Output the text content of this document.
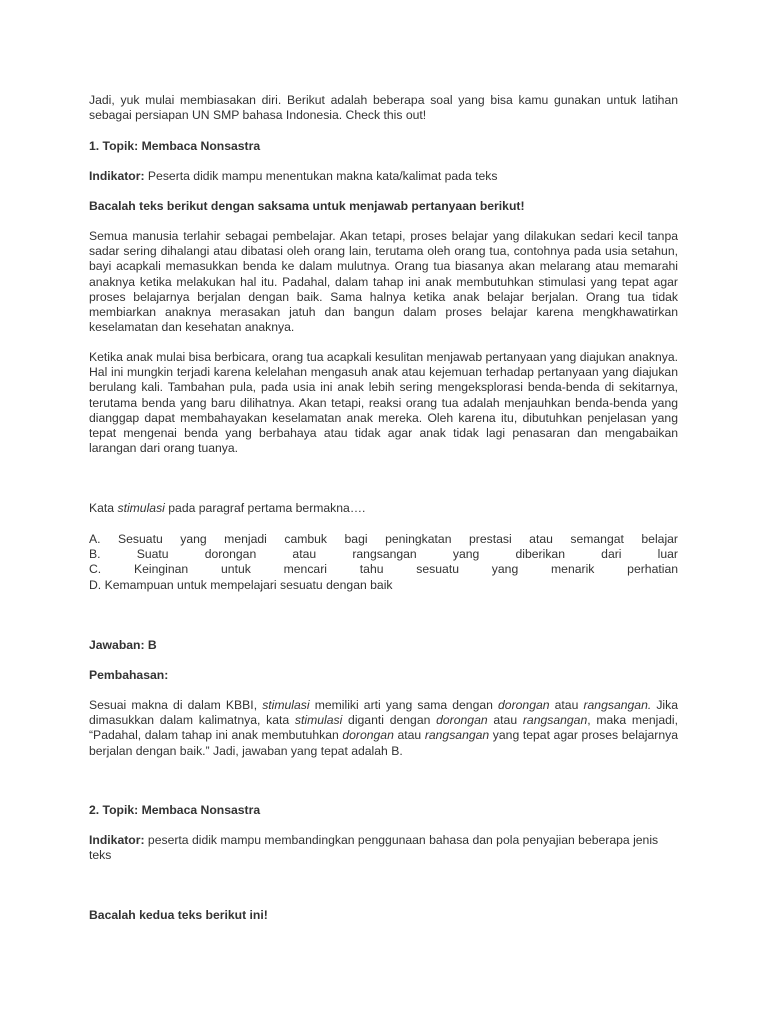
Jadi, yuk mulai membiasakan diri. Berikut adalah beberapa soal yang bisa kamu gunakan untuk latihan sebagai persiapan UN SMP bahasa Indonesia. Check this out!

1. Topik: Membaca Nonsastra
Indikator: Peserta didik mampu menentukan makna kata/kalimat pada teks
Bacalah teks berikut dengan saksama untuk menjawab pertanyaan berikut!
Semua manusia terlahir sebagai pembelajar. Akan tetapi, proses belajar yang dilakukan sedari kecil tanpa sadar sering dihalangi atau dibatasi oleh orang lain, terutama oleh orang tua, contohnya pada usia setahun, bayi acapkali memasukkan benda ke dalam mulutnya. Orang tua biasanya akan melarang atau memarahi anaknya ketika melakukan hal itu. Padahal, dalam tahap ini anak membutuhkan stimulasi yang tepat agar proses belajarnya berjalan dengan baik. Sama halnya ketika anak belajar berjalan. Orang tua tidak membiarkan anaknya merasakan jatuh dan bangun dalam proses belajar karena mengkhawatirkan keselamatan dan kesehatan anaknya.
Ketika anak mulai bisa berbicara, orang tua acapkali kesulitan menjawab pertanyaan yang diajukan anaknya. Hal ini mungkin terjadi karena kelelahan mengasuh anak atau kejemuan terhadap pertanyaan yang diajukan berulang kali. Tambahan pula, pada usia ini anak lebih sering mengeksplorasi benda-benda di sekitarnya, terutama benda yang baru dilihatnya. Akan tetapi, reaksi orang tua adalah menjauhkan benda-benda yang dianggap dapat membahayakan keselamatan anak mereka. Oleh karena itu, dibutuhkan penjelasan yang tepat mengenai benda yang berbahaya atau tidak agar anak tidak lagi penasaran dan mengabaikan larangan dari orang tuanya.
Kata stimulasi pada paragraf pertama bermakna….
A. Sesuatu yang menjadi cambuk bagi peningkatan prestasi atau semangat belajar
B. Suatu dorongan atau rangsangan yang diberikan dari luar
C. Keinginan untuk mencari tahu sesuatu yang menarik perhatian
D. Kemampuan untuk mempelajari sesuatu dengan baik
Jawaban: B
Pembahasan:
Sesuai makna di dalam KBBI, stimulasi memiliki arti yang sama dengan dorongan atau rangsangan. Jika dimasukkan dalam kalimatnya, kata stimulasi diganti dengan dorongan atau rangsangan, maka menjadi, “Padahal, dalam tahap ini anak membutuhkan dorongan atau rangsangan yang tepat agar proses belajarnya berjalan dengan baik.” Jadi, jawaban yang tepat adalah B.
2. Topik: Membaca Nonsastra
Indikator: peserta didik mampu membandingkan penggunaan bahasa dan pola penyajian beberapa jenis teks
Bacalah kedua teks berikut ini!
